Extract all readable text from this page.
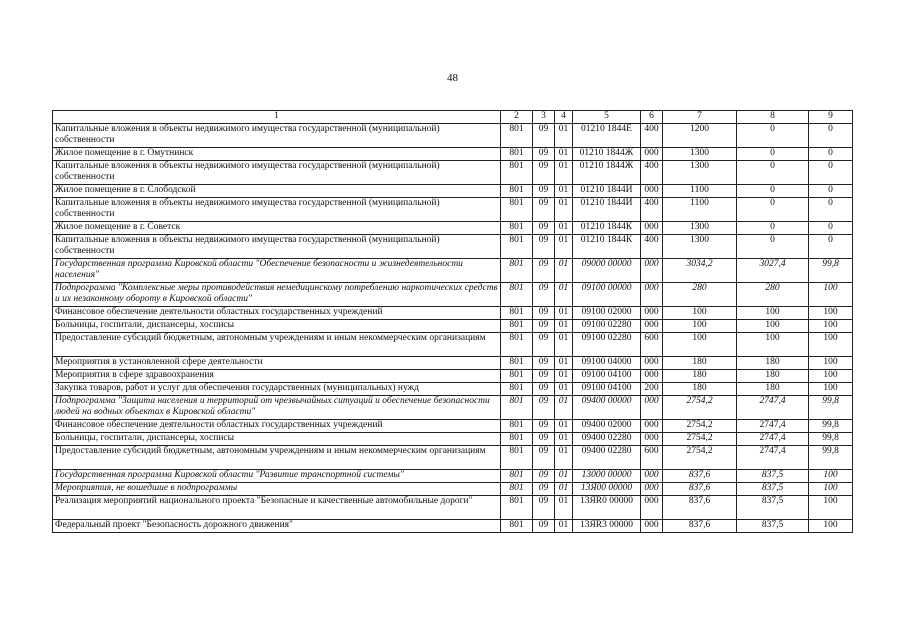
48
1	2	3	4	5	6	7	8	9
Капитальные вложения в объекты недвижимого имущества государственной (муниципальной) собственности	801	09	01	01210 1844Е	400	1200	0	0
Жилое помещение в г. Омутнинск	801	09	01	01210 1844Ж	000	1300	0	0
Капитальные вложения в объекты недвижимого имущества государственной (муниципальной) собственности	801	09	01	01210 1844Ж	400	1300	0	0
Жилое помещение в г. Слободской	801	09	01	01210 1844И	000	1100	0	0
Капитальные вложения в объекты недвижимого имущества государственной (муниципальной) собственности	801	09	01	01210 1844И	400	1100	0	0
Жилое помещение в г. Советск	801	09	01	01210 1844К	000	1300	0	0
Капитальные вложения в объекты недвижимого имущества государственной (муниципальной) собственности	801	09	01	01210 1844К	400	1300	0	0
Государственная программа Кировской области "Обеспечение безопасности и жизнедеятельности населения"	801	09	01	09000 00000	000	3034,2	3027,4	99,8
Подпрограмма "Комплексные меры противодействия немедицинскому потреблению наркотических средств и их незаконному обороту в Кировской области"	801	09	01	09100 00000	000	280	280	100
Финансовое обеспечение деятельности областных государственных учреждений	801	09	01	09100 02000	000	100	100	100
Больницы, госпитали, диспансеры, хосписы	801	09	01	09100 02280	000	100	100	100
Предоставление субсидий бюджетным, автономным учреждениям и иным некоммерческим организациям	801	09	01	09100 02280	600	100	100	100
Мероприятия в установленной сфере деятельности	801	09	01	09100 04000	000	180	180	100
Мероприятия в сфере здравоохранения	801	09	01	09100 04100	000	180	180	100
Закупка товаров, работ и услуг для обеспечения государственных (муниципальных) нужд	801	09	01	09100 04100	200	180	180	100
Подпрограмма "Защита населения и территорий от чрезвычайных ситуаций и обеспечение безопасности людей на водных объектах в Кировской области"	801	09	01	09400 00000	000	2754,2	2747,4	99,8
Финансовое обеспечение деятельности областных государственных учреждений	801	09	01	09400 02000	000	2754,2	2747,4	99,8
Больницы, госпитали, диспансеры, хосписы	801	09	01	09400 02280	000	2754,2	2747,4	99,8
Предоставление субсидий бюджетным, автономным учреждениям и иным некоммерческим организациям	801	09	01	09400 02280	600	2754,2	2747,4	99,8
Государственная программа Кировской области "Развитие транспортной системы"	801	09	01	13000 00000	000	837,6	837,5	100
Мероприятия, не вошедшие в подпрограммы	801	09	01	13Я00 00000	000	837,6	837,5	100
Реализация мероприятий национального проекта "Безопасные и качественные автомобильные дороги"	801	09	01	13ЯR0 00000	000	837,6	837,5	100
Федеральный проект "Безопасность дорожного движения"	801	09	01	13ЯR3 00000	000	837,6	837,5	100
